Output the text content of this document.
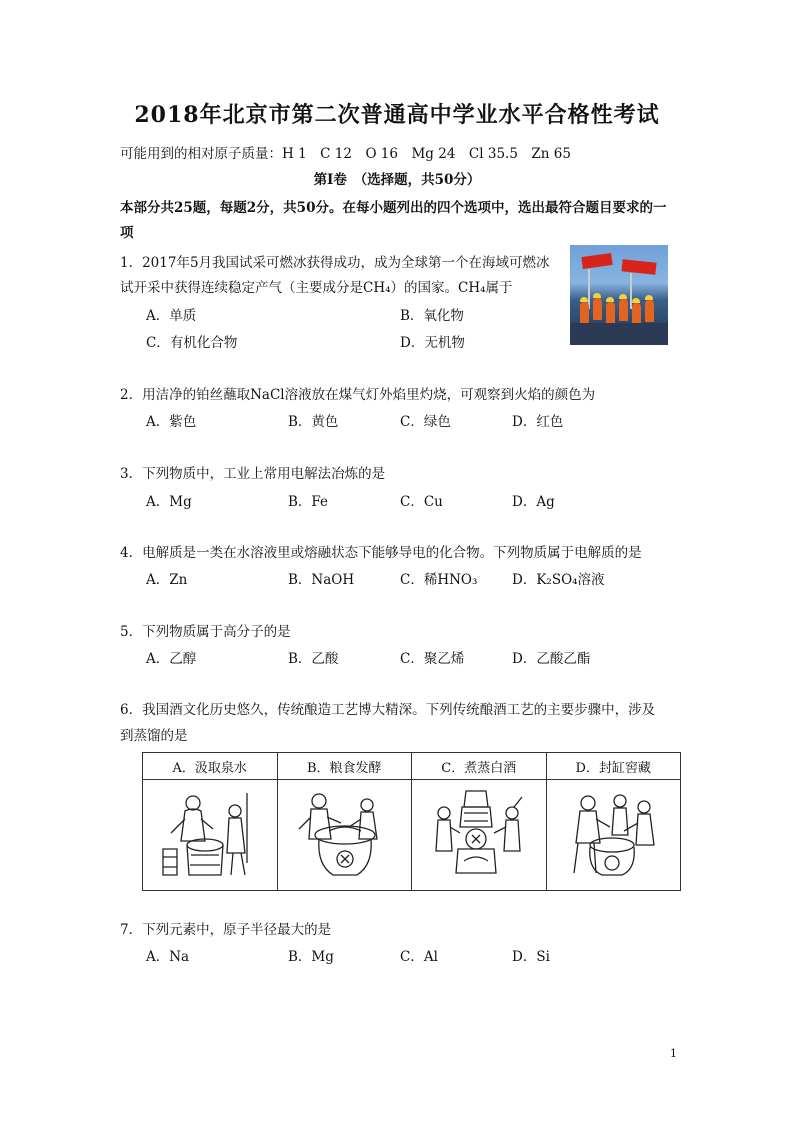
2018年北京市第二次普通高中学业水平合格性考试
可能用到的相对原子质量：H 1　C 12　O 16　Mg 24　Cl 35.5　Zn 65
第Ⅰ卷　（选择题，共50分）
本部分共25题，每题2分，共50分。在每小题列出的四个选项中，选出最符合题目要求的一
项
1．2017年5月我国试采可燃冰获得成功，成为全球第一个在海域可燃冰
试开采中获得连续稳定产气（主要成分是CH₄）的国家。CH₄属于
A．单质	B．氧化物
C．有机化合物	D．无机物
2．用洁净的铂丝蘸取NaCl溶液放在煤气灯外焰里灼烧，可观察到火焰的颜色为
A．紫色	B．黄色	C．绿色	D．红色
3．下列物质中，工业上常用电解法冶炼的是
A．Mg	B．Fe	C．Cu	D．Ag
4．电解质是一类在水溶液里或熔融状态下能够导电的化合物。下列物质属于电解质的是
A．Zn	B．NaOH	C．稀HNO₃	D．K₂SO₄溶液
5．下列物质属于高分子的是
A．乙醇	B．乙酸	C．聚乙烯	D．乙酸乙酯
6．我国酒文化历史悠久，传统酿造工艺博大精深。下列传统酿酒工艺的主要步骤中，涉及
到蒸馏的是
A．汲取泉水	B．粮食发酵	C．煮蒸白酒	D．封缸窖藏

7．下列元素中，原子半径最大的是
A．Na	B．Mg	C．Al	D．Si
1
